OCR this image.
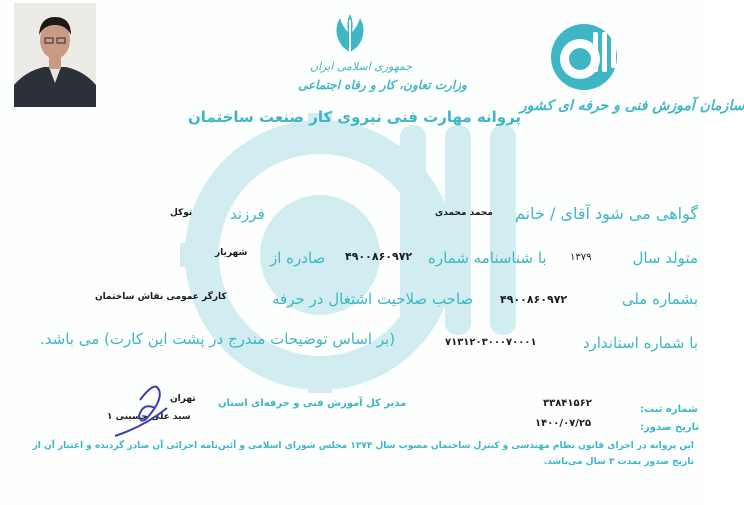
جمهوری اسلامی ایران
وزارت تعاون، کار و رفاه اجتماعی
سازمان آموزش فنی و حرفه ای کشور
پروانه مهارت فنی نیروی کار صنعت ساختمان
گواهی می شود آقای / خانم
محمد محمدی
فرزند
توکل
متولد سال
۱۳۷۹
با شناسنامه شماره
۴۹۰۰۸۶۰۹۷۲
صادره از
شهریار
بشماره ملی
۴۹۰۰۸۶۰۹۷۲
صاحب صلاحیت اشتغال در حرفه
کارگر عمومی نقاش ساختمان
با شماره استاندارد
۷۱۳۱۲۰۳۰۰۰۷۰۰۰۱
(بر اساس توضیحات مندرج در پشت این کارت) می باشد.
شماره ثبت:
۳۳۸۴۱۵۶۲
تاریخ صدور:
۱۴۰۰/۰۷/۲۵
مدیر کل آموزش فنی و حرفه‌ای استان
تهران
سید علی حسینی ۱
این پروانه در اجرای قانون نظام مهندسی و کنترل ساختمان مصوب سال ۱۳۷۴ مجلس شورای اسلامی و آئین‌نامه اجرائی آن صادر گردیده و اعتبار آن از
تاریخ صدور بمدت ۳ سال می‌باشد.
